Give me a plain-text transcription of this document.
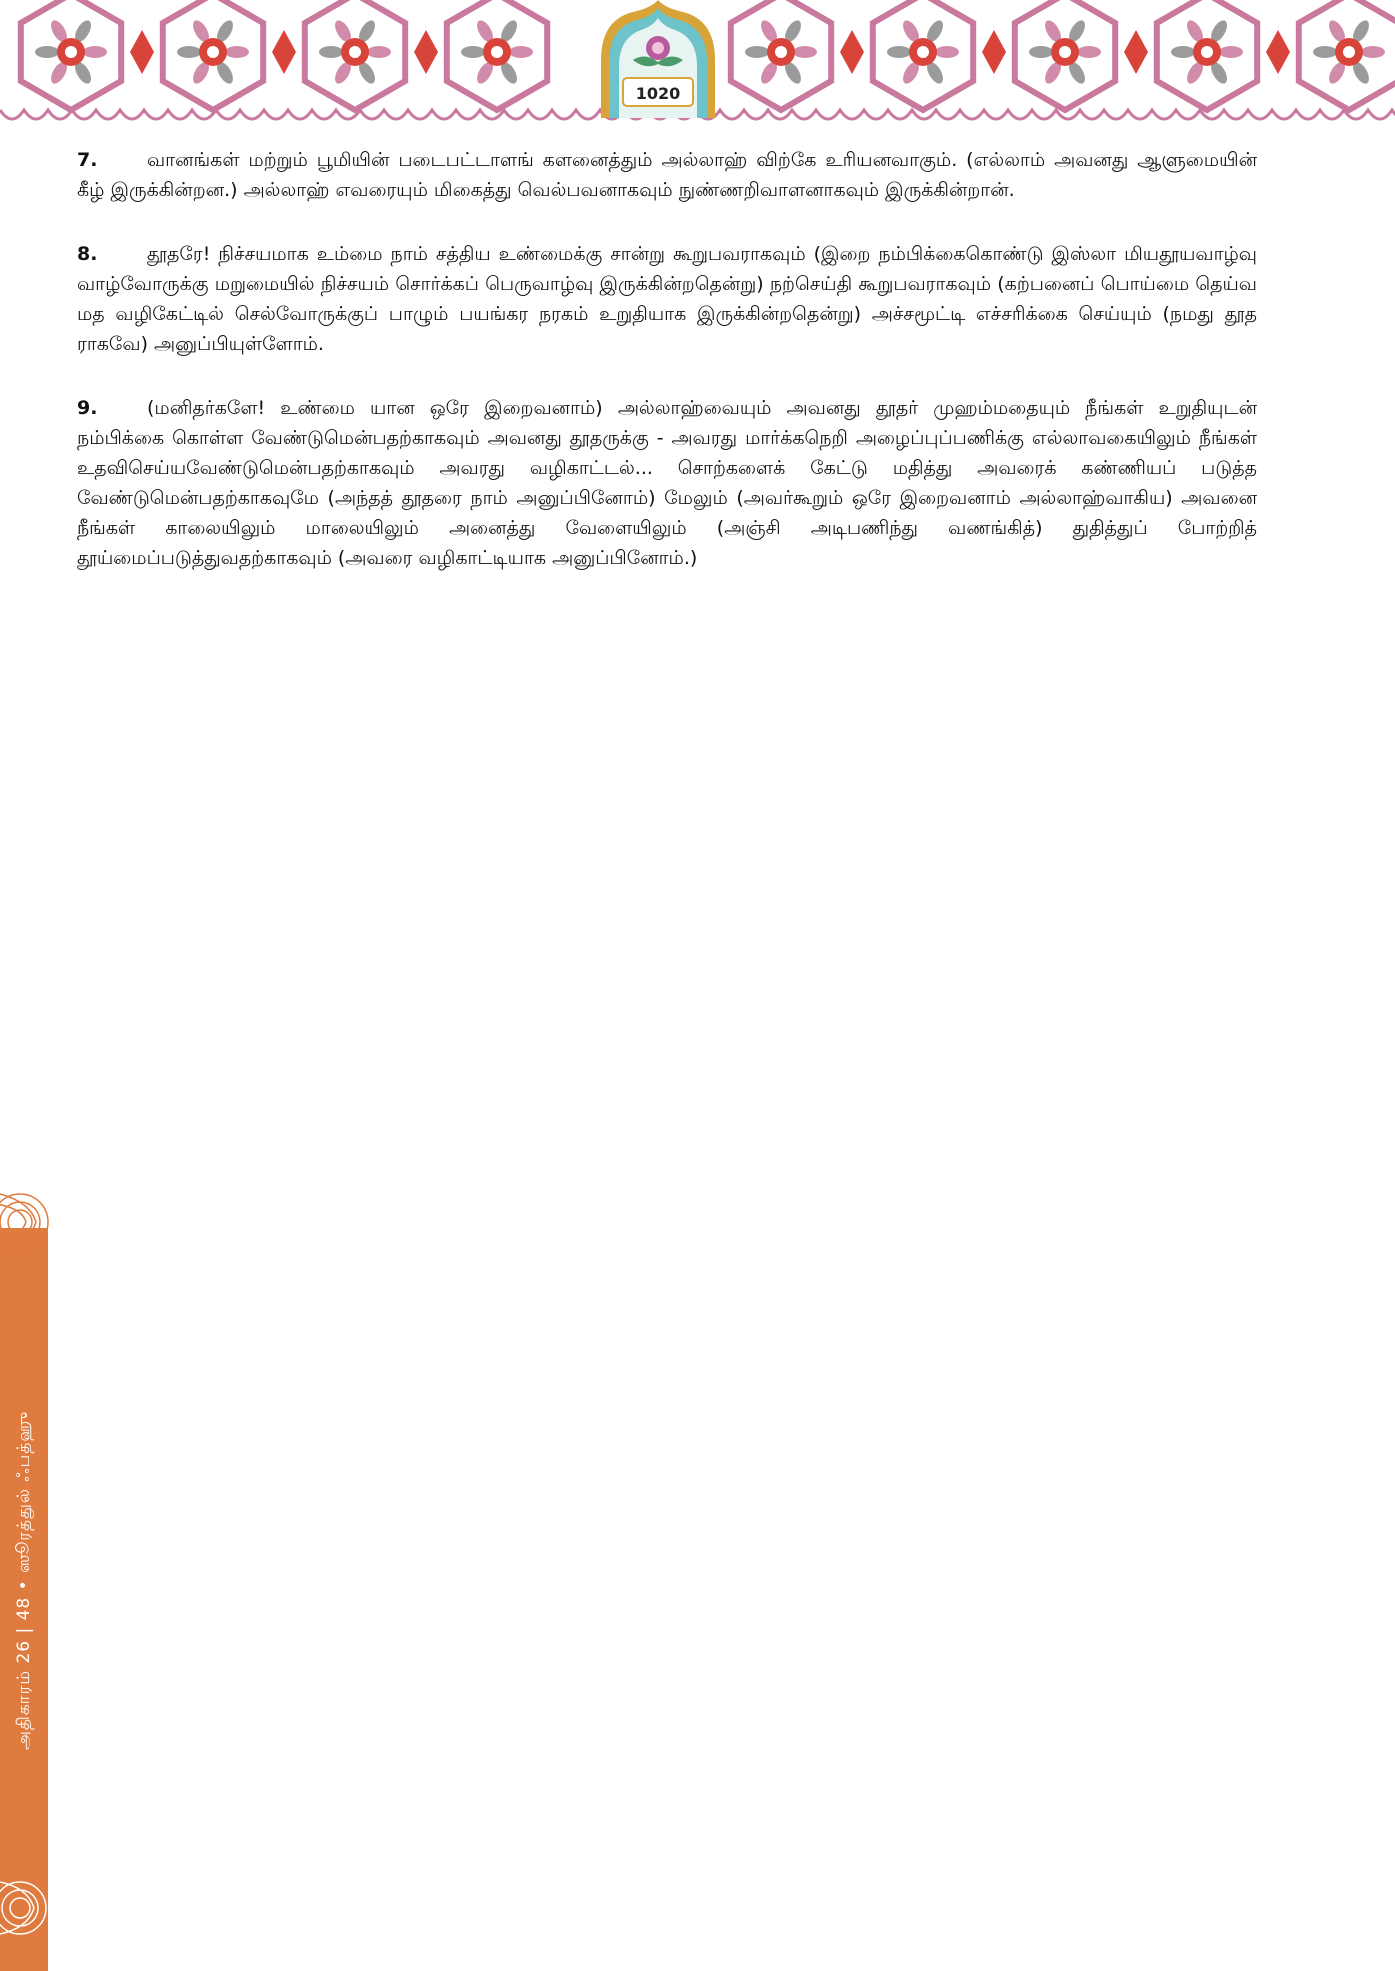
1020
அதிகாரம் 26 | 48 • ஸூரத்துல் ஃபத்ஹு

7.	வானங்கள் மற்றும் பூமியின் படைபட்டாளங் களனைத்தும் அல்லாஹ் விற்கே உரியனவாகும். (எல்லாம் அவனது ஆளுமையின் கீழ் இருக்கின்றன.) அல்லாஹ் எவரையும் மிகைத்து வெல்பவனாகவும் நுண்ணறிவாளனாகவும் இருக்கின்றான்.

8.	தூதரே! நிச்சயமாக உம்மை நாம் சத்திய உண்மைக்கு சான்று கூறுபவராகவும் (இறை நம்பிக்கைகொண்டு இஸ்லா மியதூயவாழ்வு வாழ்வோருக்கு மறுமையில் நிச்சயம் சொர்க்கப் பெருவாழ்வு இருக்கின்றதென்று) நற்செய்தி கூறுபவராகவும் (கற்பனைப் பொய்மை தெய்வ மத வழிகேட்டில் செல்வோருக்குப் பாழும் பயங்கர நரகம் உறுதியாக இருக்கின்றதென்று) அச்சமூட்டி எச்சரிக்கை செய்யும் (நமது தூத ராகவே) அனுப்பியுள்ளோம்.

9.	(மனிதர்களே! உண்மை யான ஒரே இறைவனாம்) அல்லாஹ்வையும் அவனது தூதர் முஹம்மதையும் நீங்கள் உறுதியுடன் நம்பிக்கை கொள்ள வேண்டுமென்பதற்காகவும் அவனது தூதருக்கு - அவரது மார்க்கநெறி அழைப்புப்பணிக்கு எல்லாவகையிலும் நீங்கள் உதவிசெய்யவேண்டுமென்பதற்காகவும் அவரது வழிகாட்டல்... சொற்களைக் கேட்டு மதித்து அவரைக் கண்ணியப் படுத்த வேண்டுமென்பதற்காகவுமே (அந்தத் தூதரை நாம் அனுப்பினோம்) மேலும் (அவர்கூறும் ஒரே இறைவனாம் அல்லாஹ்வாகிய) அவனை நீங்கள் காலையிலும் மாலையிலும் அனைத்து வேளையிலும் (அஞ்சி அடிபணிந்து வணங்கித்) துதித்துப் போற்றித் தூய்மைப்படுத்துவதற்காகவும் (அவரை வழிகாட்டியாக அனுப்பினோம்.)
